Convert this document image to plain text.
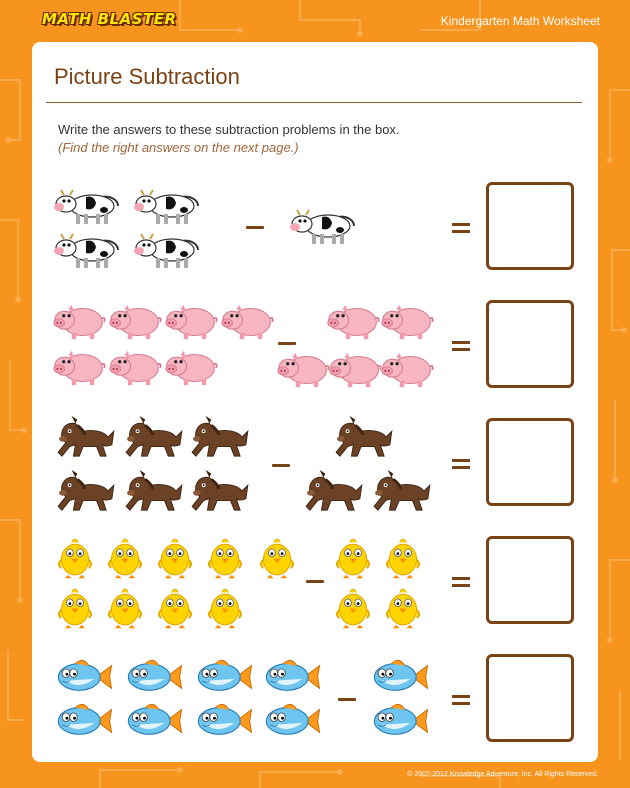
MATH BLASTER	Kindergarten Math Worksheet
Picture Subtraction
Write the answers to these subtraction problems in the box.
(Find the right answers on the next page.)
© 2007-2012 Knowledge Adventure, Inc. All Rights Reserved.
